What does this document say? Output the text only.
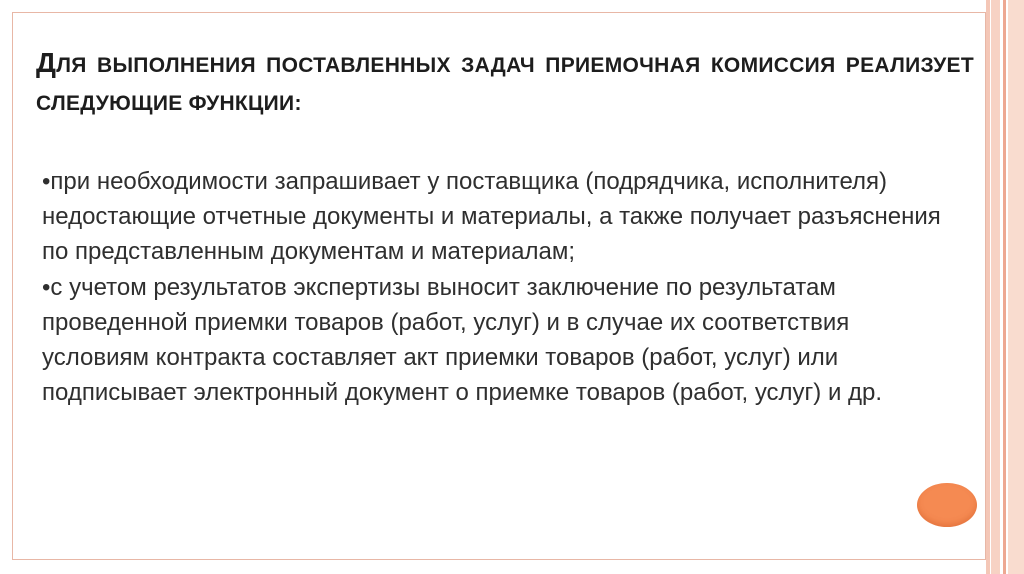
ДЛЯ ВЫПОЛНЕНИЯ ПОСТАВЛЕННЫХ ЗАДАЧ ПРИЕМОЧНАЯ КОМИССИЯ РЕАЛИЗУЕТ СЛЕДУЮЩИЕ ФУНКЦИИ:
•при необходимости запрашивает у поставщика (подрядчика, исполнителя) недостающие отчетные документы и материалы, а также получает разъяснения по представленным документам и материалам;
•с учетом результатов экспертизы выносит заключение по результатам проведенной приемки товаров (работ, услуг) и в случае их соответствия условиям контракта составляет акт приемки товаров (работ, услуг) или подписывает электронный документ о приемке товаров (работ, услуг) и др.
